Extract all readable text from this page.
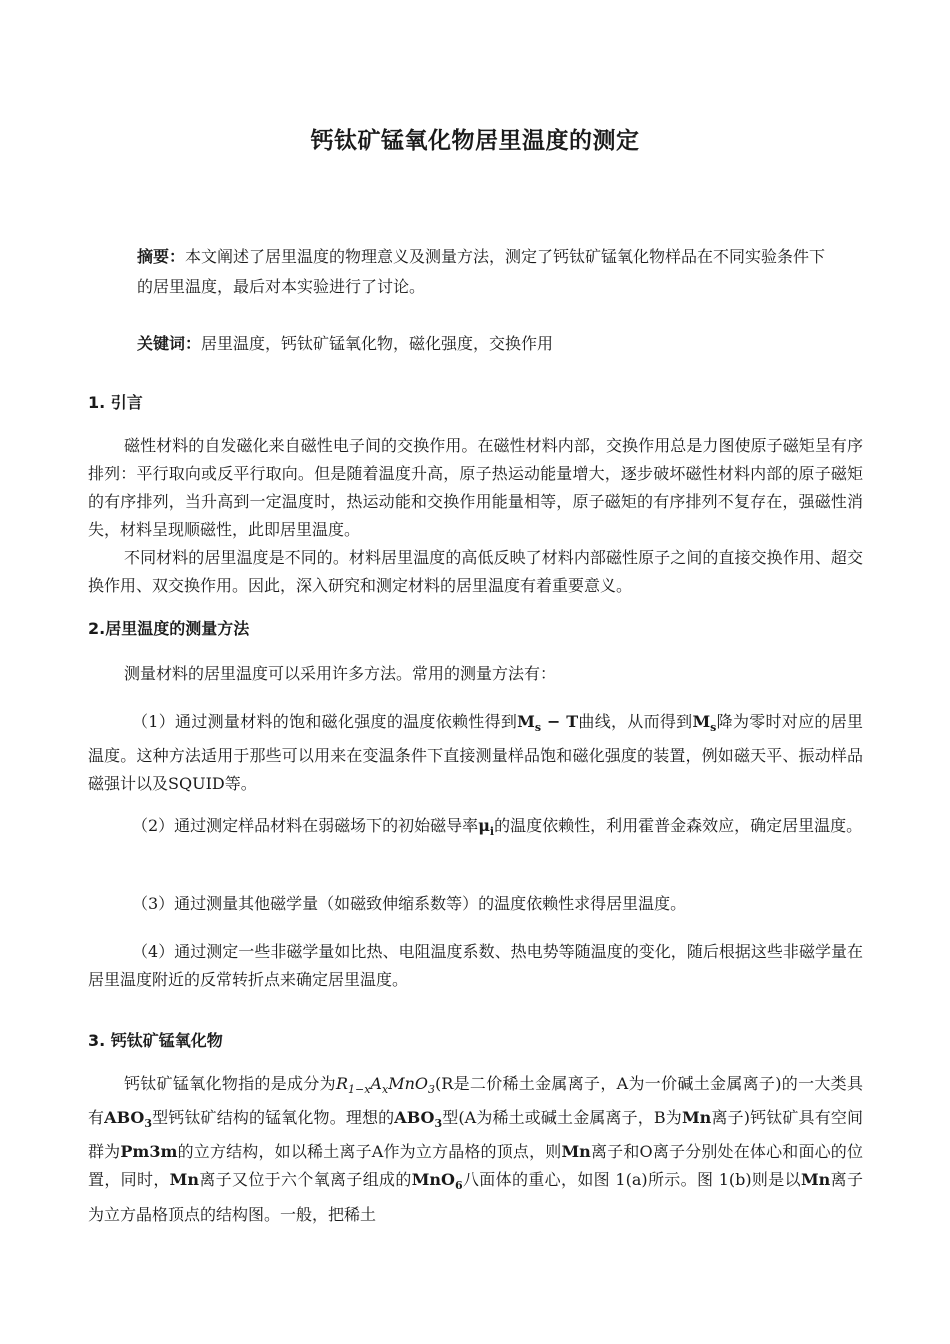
钙钛矿锰氧化物居里温度的测定
摘要：本文阐述了居里温度的物理意义及测量方法，测定了钙钛矿锰氧化物样品在不同实验条件下的居里温度，最后对本实验进行了讨论。
关键词：居里温度，钙钛矿锰氧化物，磁化强度，交换作用
1. 引言

磁性材料的自发磁化来自磁性电子间的交换作用。在磁性材料内部，交换作用总是力图使原子磁矩呈有序排列：平行取向或反平行取向。但是随着温度升高，原子热运动能量增大，逐步破坏磁性材料内部的原子磁矩的有序排列，当升高到一定温度时，热运动能和交换作用能量相等，原子磁矩的有序排列不复存在，强磁性消失，材料呈现顺磁性，此即居里温度。

不同材料的居里温度是不同的。材料居里温度的高低反映了材料内部磁性原子之间的直接交换作用、超交换作用、双交换作用。因此，深入研究和测定材料的居里温度有着重要意义。

2.居里温度的测量方法

测量材料的居里温度可以采用许多方法。常用的测量方法有：

（1）通过测量材料的饱和磁化强度的温度依赖性得到$M_s - T$曲线，从而得到$M_s$降为零时对应的居里温度。这种方法适用于那些可以用来在变温条件下直接测量样品饱和磁化强度的装置，例如磁天平、振动样品磁强计以及SQUID等。

（2）通过测定样品材料在弱磁场下的初始磁导率$\mu_i$的温度依赖性，利用霍普金森效应，确定居里温度。

（3）通过测量其他磁学量（如磁致伸缩系数等）的温度依赖性求得居里温度。

（4）通过测定一些非磁学量如比热、电阻温度系数、热电势等随温度的变化，随后根据这些非磁学量在居里温度附近的反常转折点来确定居里温度。

3. 钙钛矿锰氧化物

钙钛矿锰氧化物指的是成分为$R_{1-x}A_xMnO_3(R$是二价稀土金属离子，A为一价碱土金属离子)的一大类具有$ABO_3$型钙钛矿结构的锰氧化物。理想的$ABO_3$型(A为稀土或碱土金属离子，B为Mn离子)钙钛矿具有空间群为Pm3m的立方结构，如以稀土离子A作为立方晶格的顶点，则Mn离子和O离子分别处在体心和面心的位置，同时，Mn离子又位于六个氧离子组成的MnO$_6$八面体的重心，如图 1(a)所示。图 1(b)则是以Mn离子为立方晶格顶点的结构图。一般，把稀土
